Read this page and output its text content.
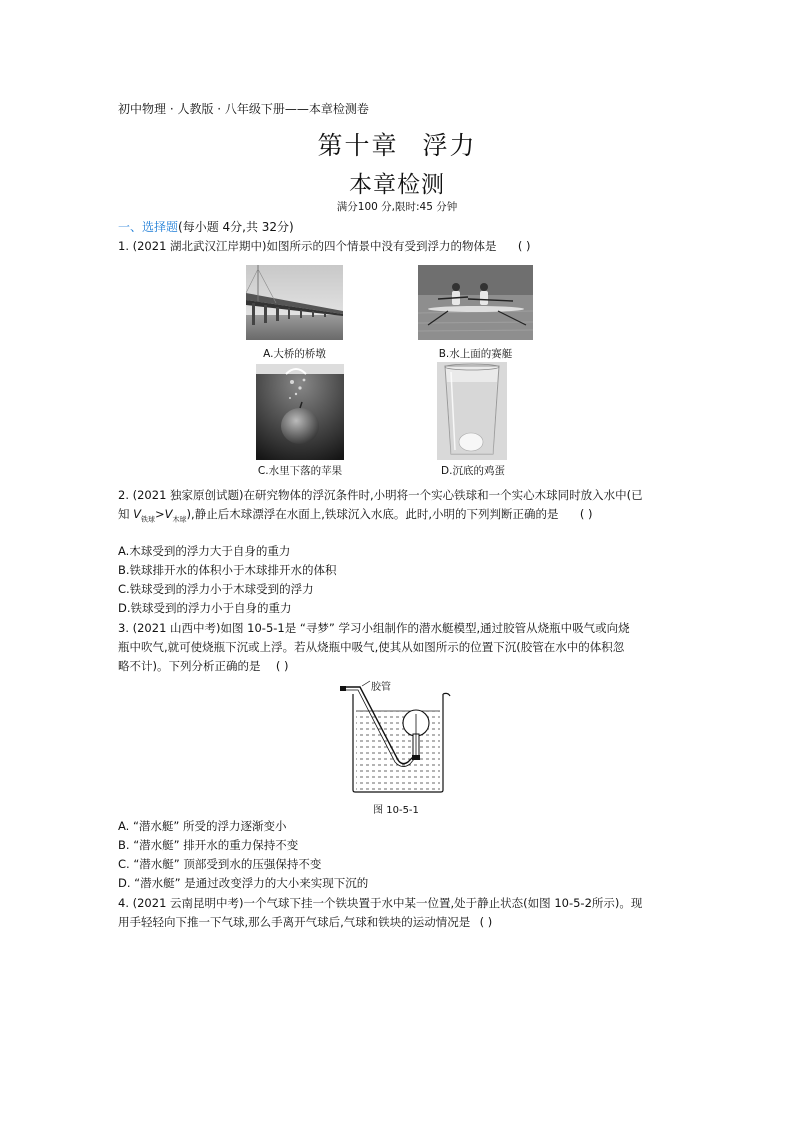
初中物理 · 人教版 · 八年级下册——本章检测卷
第十章 浮力
本章检测
满分100 分,限时:45 分钟
一、选择题(每小题 4分,共 32分)
1. (2021 湖北武汉江岸期中)如图所示的四个情景中没有受到浮力的物体是 ( )
A.大桥的桥墩	B.水上面的赛艇
C.水里下落的苹果	D.沉底的鸡蛋
2. (2021 独家原创试题)在研究物体的浮沉条件时,小明将一个实心铁球和一个实心木球同时放入水中(已
知 $V_{铁球}>V_{木球}$),静止后木球漂浮在水面上,铁球沉入水底。此时,小明的下列判断正确的是 ( )
A.木球受到的浮力大于自身的重力
B.铁球排开水的体积小于木球排开水的体积
C.铁球受到的浮力小于木球受到的浮力
D.铁球受到的浮力小于自身的重力
3. (2021 山西中考)如图 10-5-1是 “寻梦” 学习小组制作的潜水艇模型,通过胶管从烧瓶中吸气或向烧
瓶中吹气,就可使烧瓶下沉或上浮。若从烧瓶中吸气,使其从如图所示的位置下沉(胶管在水中的体积忽
略不计)。下列分析正确的是 ( )
胶管
图 10-5-1
A. “潜水艇” 所受的浮力逐渐变小
B. “潜水艇” 排开水的重力保持不变
C. “潜水艇” 顶部受到水的压强保持不变
D. “潜水艇” 是通过改变浮力的大小来实现下沉的
4. (2021 云南昆明中考)一个气球下挂一个铁块置于水中某一位置,处于静止状态(如图 10-5-2所示)。现
用手轻轻向下推一下气球,那么手离开气球后,气球和铁块的运动情况是 ( )
